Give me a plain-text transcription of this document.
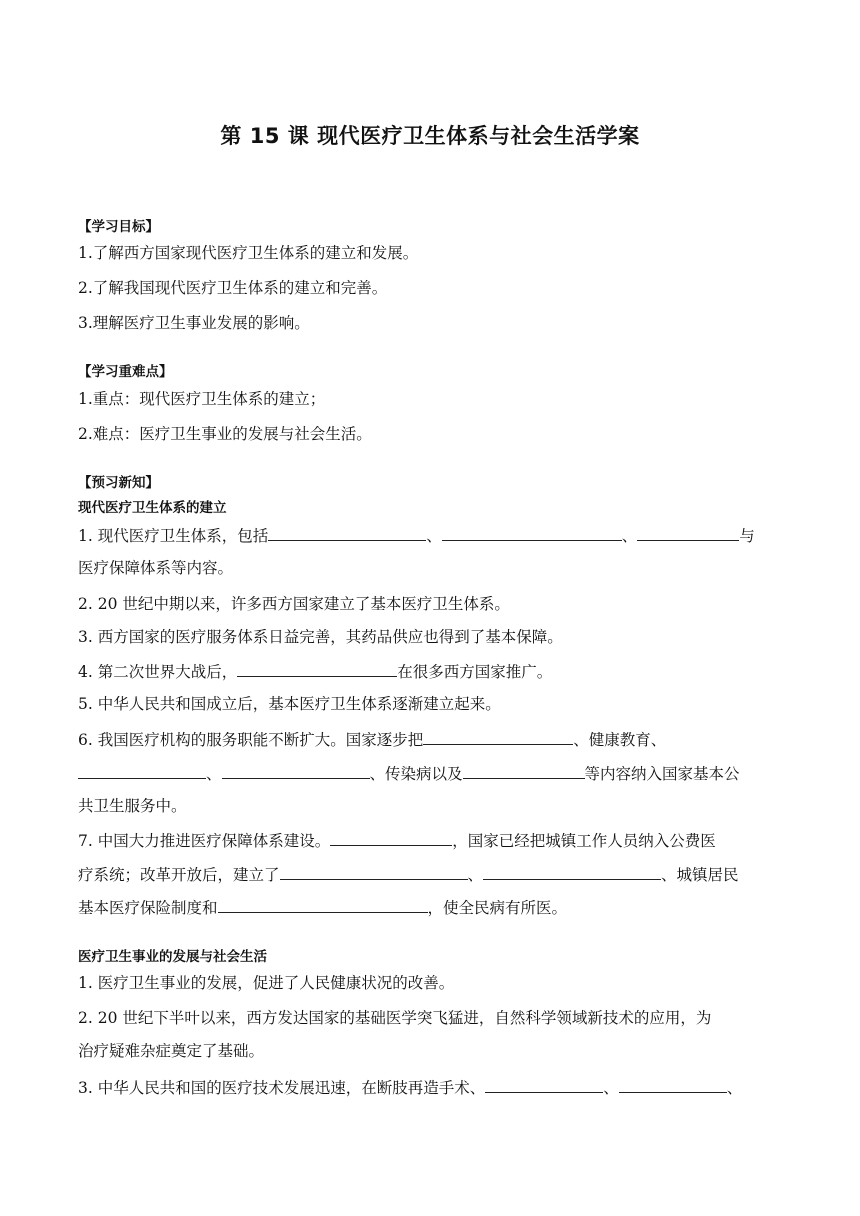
第 15 课 现代医疗卫生体系与社会生活学案
【学习目标】
1.了解西方国家现代医疗卫生体系的建立和发展。
2.了解我国现代医疗卫生体系的建立和完善。
3.理解医疗卫生事业发展的影响。
【学习重难点】
1.重点：现代医疗卫生体系的建立；
2.难点：医疗卫生事业的发展与社会生活。
【预习新知】
现代医疗卫生体系的建立
1. 现代医疗卫生体系，包括	、	、	与
医疗保障体系等内容。
2. 20 世纪中期以来，许多西方国家建立了基本医疗卫生体系。
3. 西方国家的医疗服务体系日益完善，其药品供应也得到了基本保障。
4. 第二次世界大战后，	在很多西方国家推广。
5. 中华人民共和国成立后，基本医疗卫生体系逐渐建立起来。
6. 我国医疗机构的服务职能不断扩大。国家逐步把	、健康教育、
、	、传染病以及	等内容纳入国家基本公
共卫生服务中。
7. 中国大力推进医疗保障体系建设。	，国家已经把城镇工作人员纳入公费医
疗系统；改革开放后，建立了	、	、城镇居民
基本医疗保险制度和	，使全民病有所医。
医疗卫生事业的发展与社会生活
1. 医疗卫生事业的发展，促进了人民健康状况的改善。
2. 20 世纪下半叶以来，西方发达国家的基础医学突飞猛进，自然科学领域新技术的应用，为
治疗疑难杂症奠定了基础。
3. 中华人民共和国的医疗技术发展迅速，在断肢再造手术、	、	、
